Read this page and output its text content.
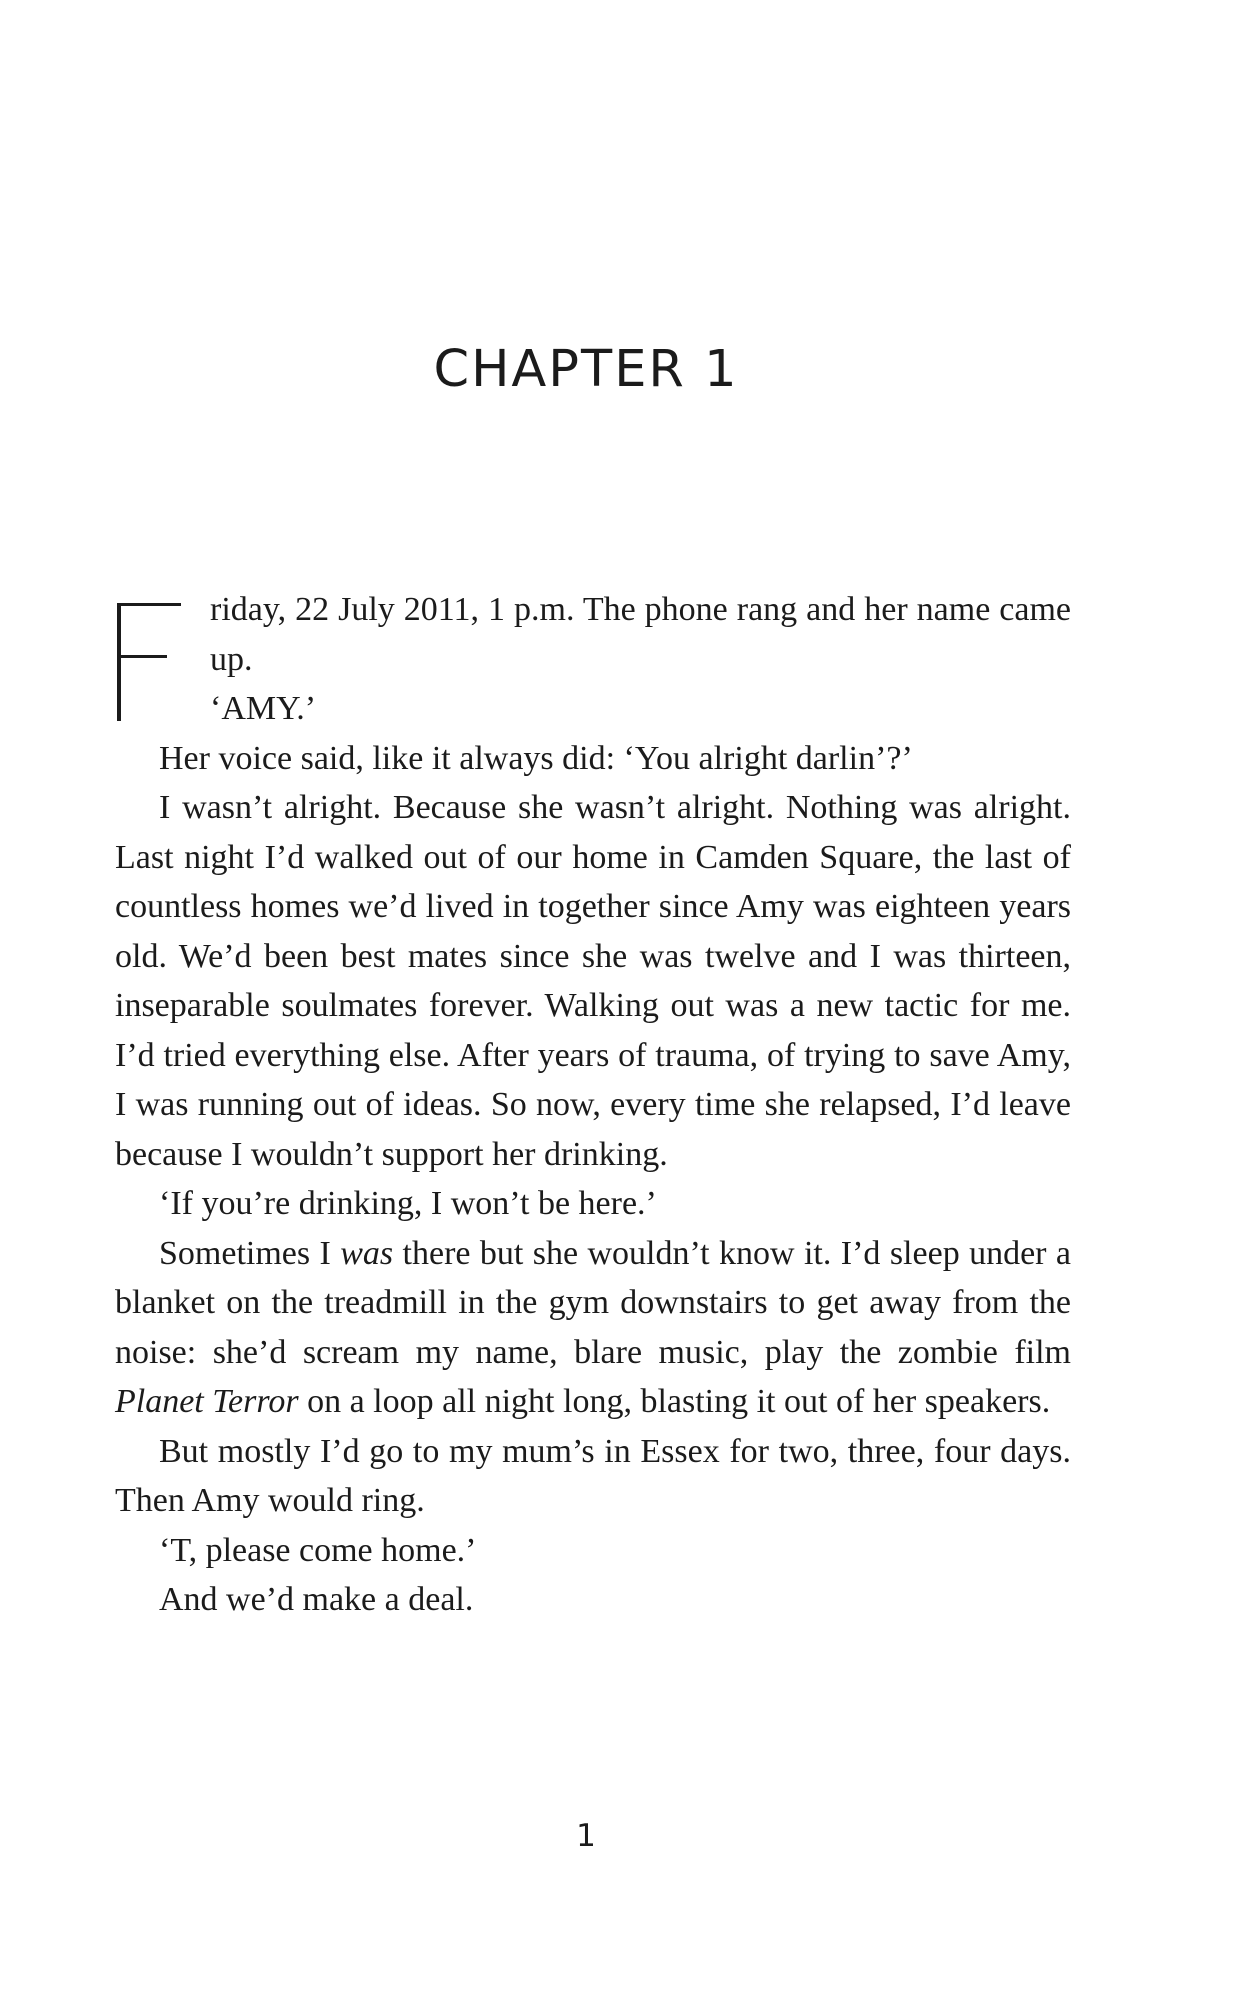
CHAPTER 1

riday, 22 July 2011, 1 p.m. The phone rang and her name came up.
‘AMY.’

Her voice said, like it always did: ‘You alright darlin’?’

I wasn’t alright. Because she wasn’t alright. Nothing was alright. Last night I’d walked out of our home in Camden Square, the last of countless homes we’d lived in together since Amy was eighteen years old. We’d been best mates since she was twelve and I was thirteen, inseparable soulmates forever. Walking out was a new tactic for me. I’d tried everything else. After years of trauma, of trying to save Amy, I was running out of ideas. So now, every time she relapsed, I’d leave because I wouldn’t support her drinking.

‘If you’re drinking, I won’t be here.’

Sometimes I was there but she wouldn’t know it. I’d sleep under a blanket on the treadmill in the gym downstairs to get away from the noise: she’d scream my name, blare music, play the zombie film Planet Terror on a loop all night long, blasting it out of her speakers.

But mostly I’d go to my mum’s in Essex for two, three, four days. Then Amy would ring.

‘T, please come home.’

And we’d make a deal.

1
